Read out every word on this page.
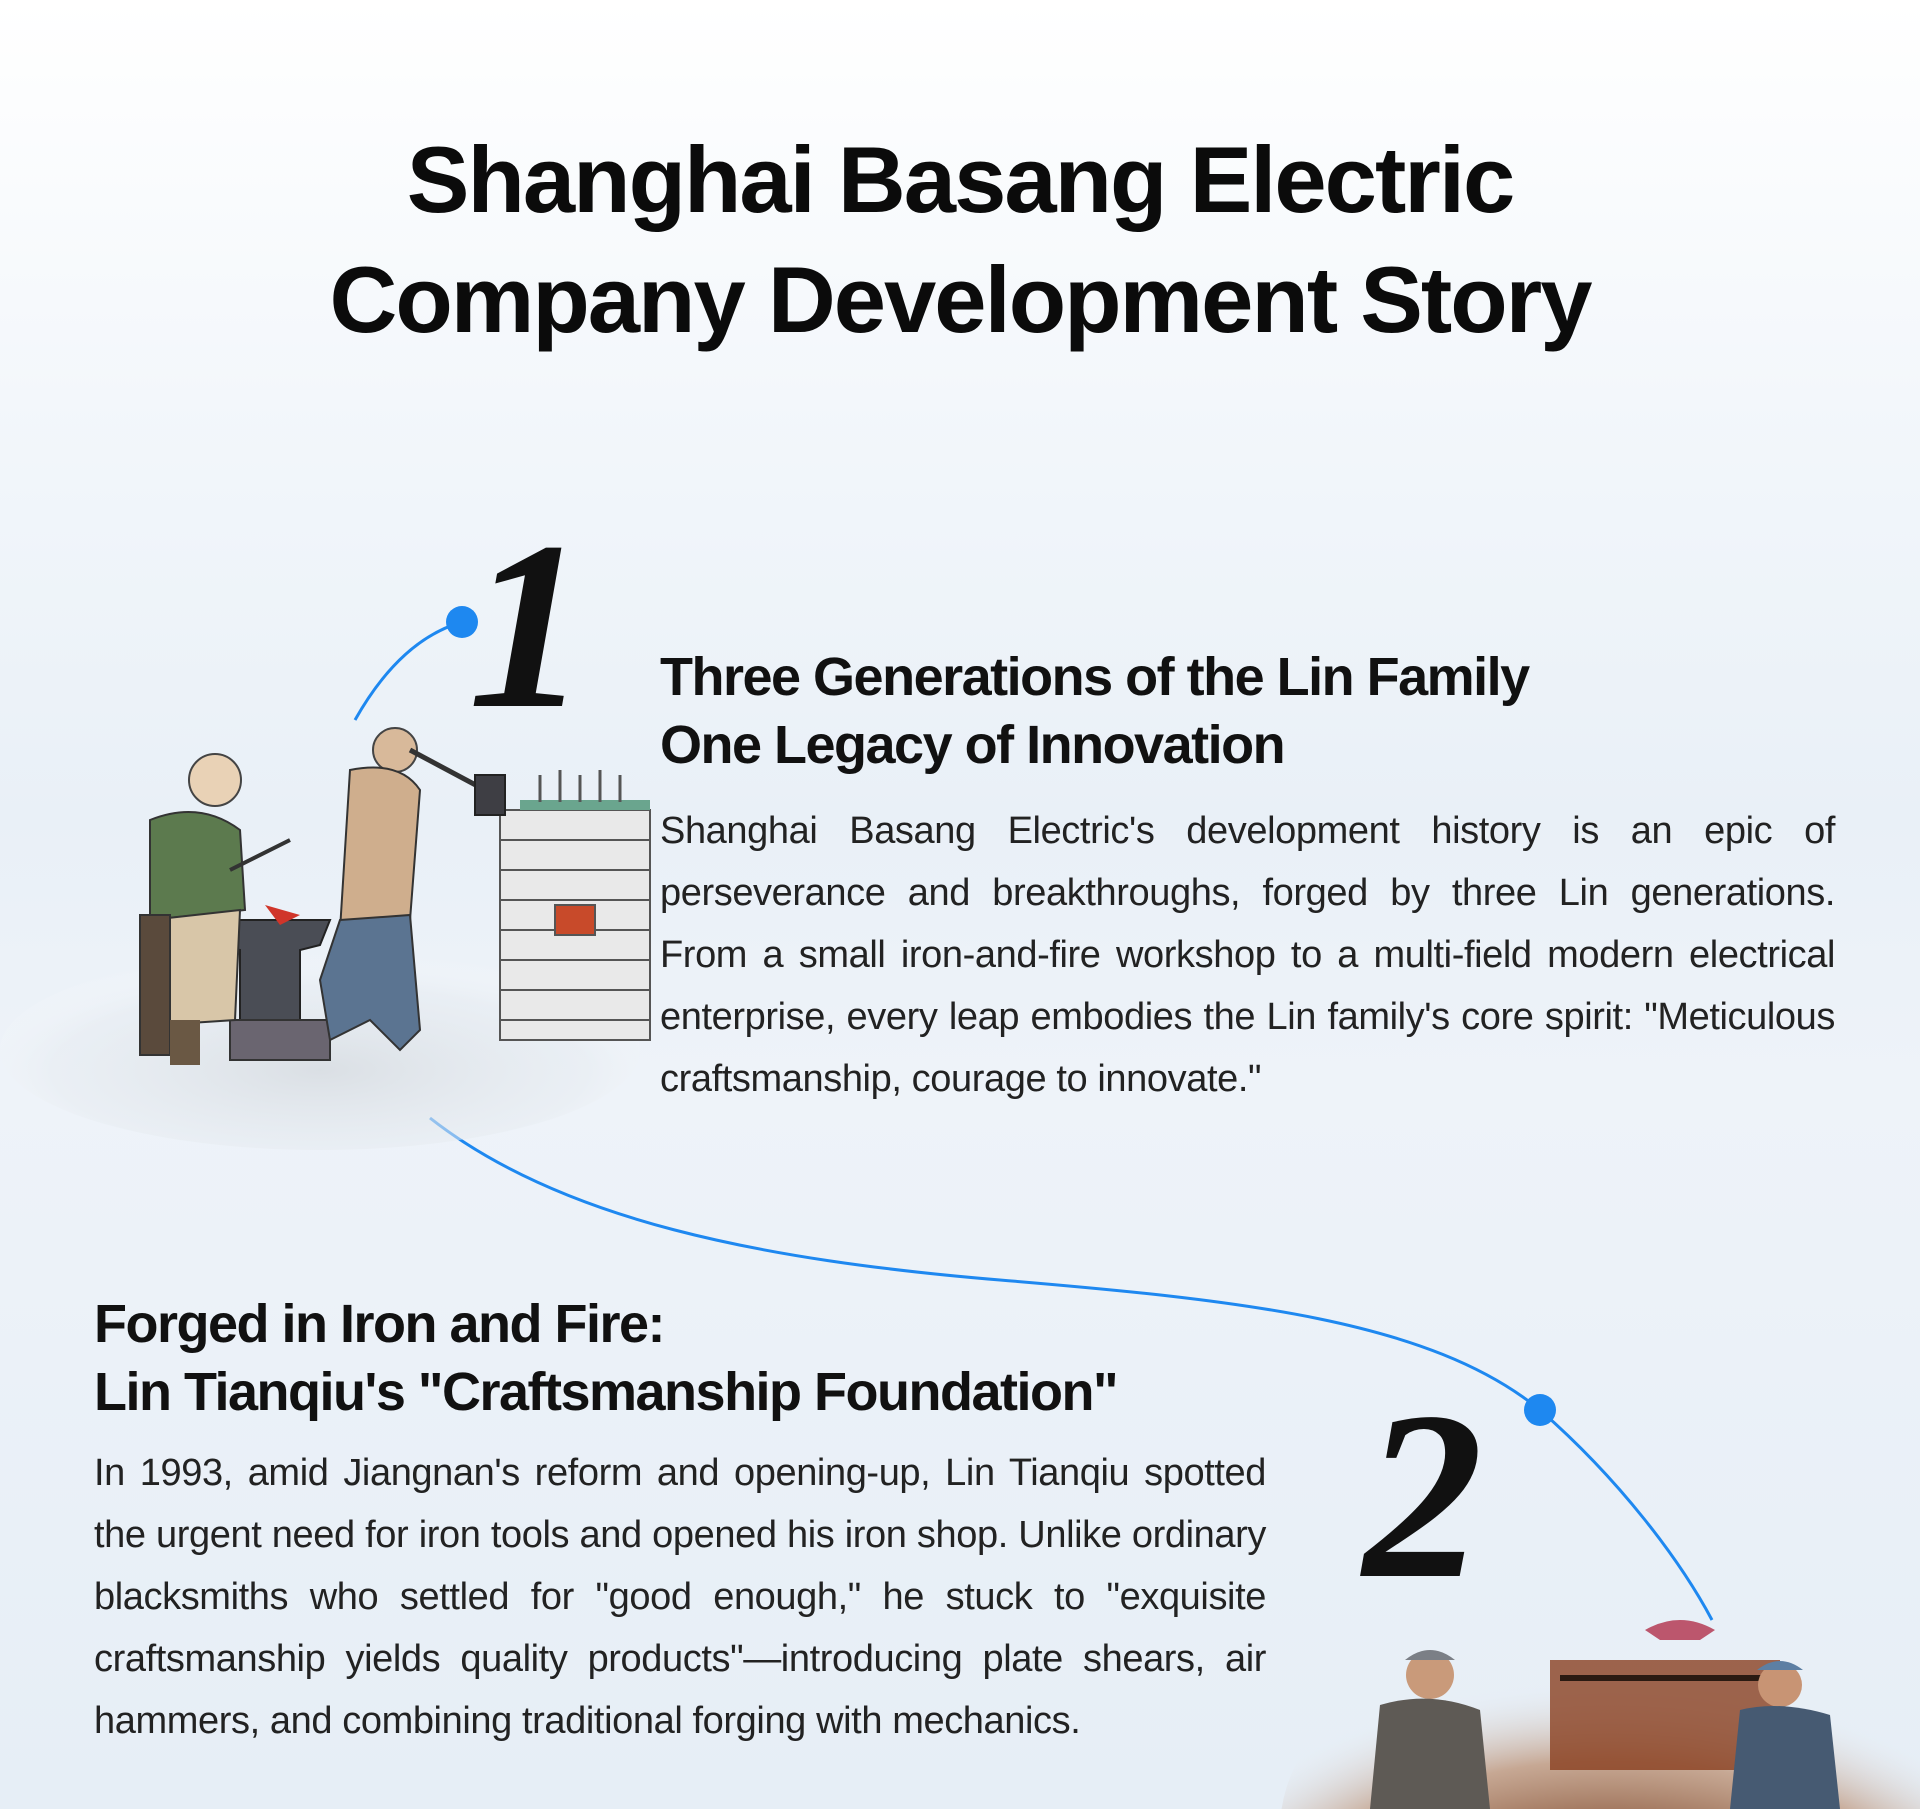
Shanghai Basang Electric
Company Development Story
1 Three Generations of the Lin Family
One Legacy of Innovation
Shanghai Basang Electric's development history is an epic of perseverance and breakthroughs, forged by three Lin generations. From a small iron-and-fire workshop to a multi-field modern electrical enterprise, every leap embodies the Lin family's core spirit: "Meticulous craftsmanship, courage to innovate."
Forged in Iron and Fire:
Lin Tianqiu's "Craftsmanship Foundation"
In 1993, amid Jiangnan's reform and opening-up, Lin Tianqiu spotted the urgent need for iron tools and opened his iron shop. Unlike ordinary blacksmiths who settled for "good enough," he stuck to "exquisite craftsmanship yields quality products"—introducing plate shears, air hammers, and combining traditional forging with mechanics.
2
